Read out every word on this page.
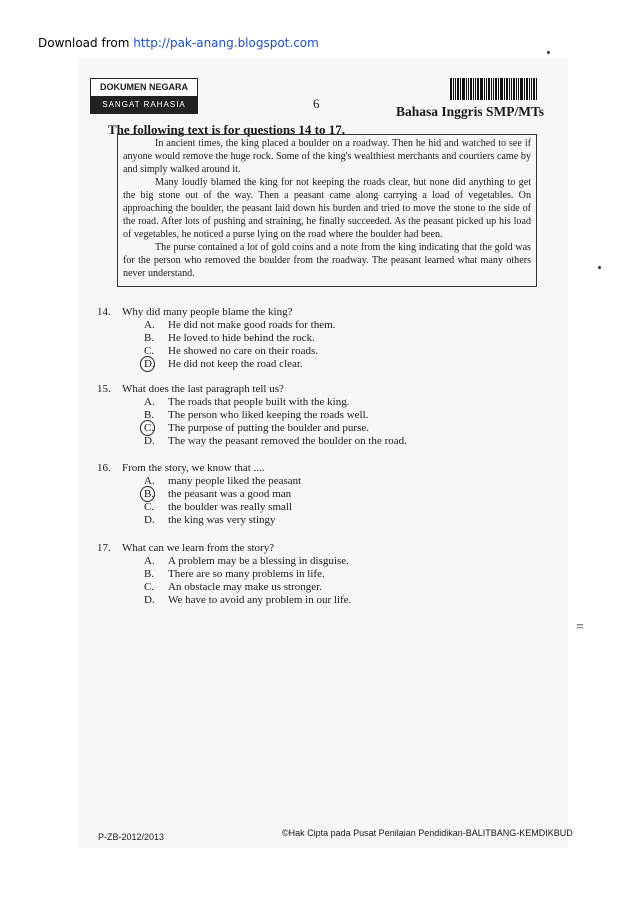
Download from http://pak-anang.blogspot.com
DOKUMEN NEGARA
SANGAT RAHASIA	6
Bahasa Inggris SMP/MTs
The following text is for questions 14 to 17.

In ancient times, the king placed a boulder on a roadway. Then he hid and watched to see if anyone would remove the huge rock. Some of the king's wealthiest merchants and courtiers came by and simply walked around it.

Many loudly blamed the king for not keeping the roads clear, but none did anything to get the big stone out of the way. Then a peasant came along carrying a load of vegetables. On approaching the boulder, the peasant laid down his burden and tried to move the stone to the side of the road. After lots of pushing and straining, he finally succeeded. As the peasant picked up his load of vegetables, he noticed a purse lying on the road where the boulder had been.

The purse contained a lot of gold coins and a note from the king indicating that the gold was for the person who removed the boulder from the roadway. The peasant learned what many others never understand.

14. Why did many people blame the king?
A. He did not make good roads for them.
B. He loved to hide behind the rock.
C. He showed no care on their roads.
D. He did not keep the road clear.
15. What does the last paragraph tell us?
A. The roads that people built with the king.
B. The person who liked keeping the roads well.
C. The purpose of putting the boulder and purse.
D. The way the peasant removed the boulder on the road.
16. From the story, we know that ....
A. many people liked the peasant
B. the peasant was a good man
C. the boulder was really small
D. the king was very stingy
17. What can we learn from the story?
A. A problem may be a blessing in disguise.
B. There are so many problems in life.
C. An obstacle may make us stronger.
D. We have to avoid any problem in our life.
=
P-ZB-2012/2013	©Hak Cipta pada Pusat Penilaian Pendidikan-BALITBANG-KEMDIKBUD
